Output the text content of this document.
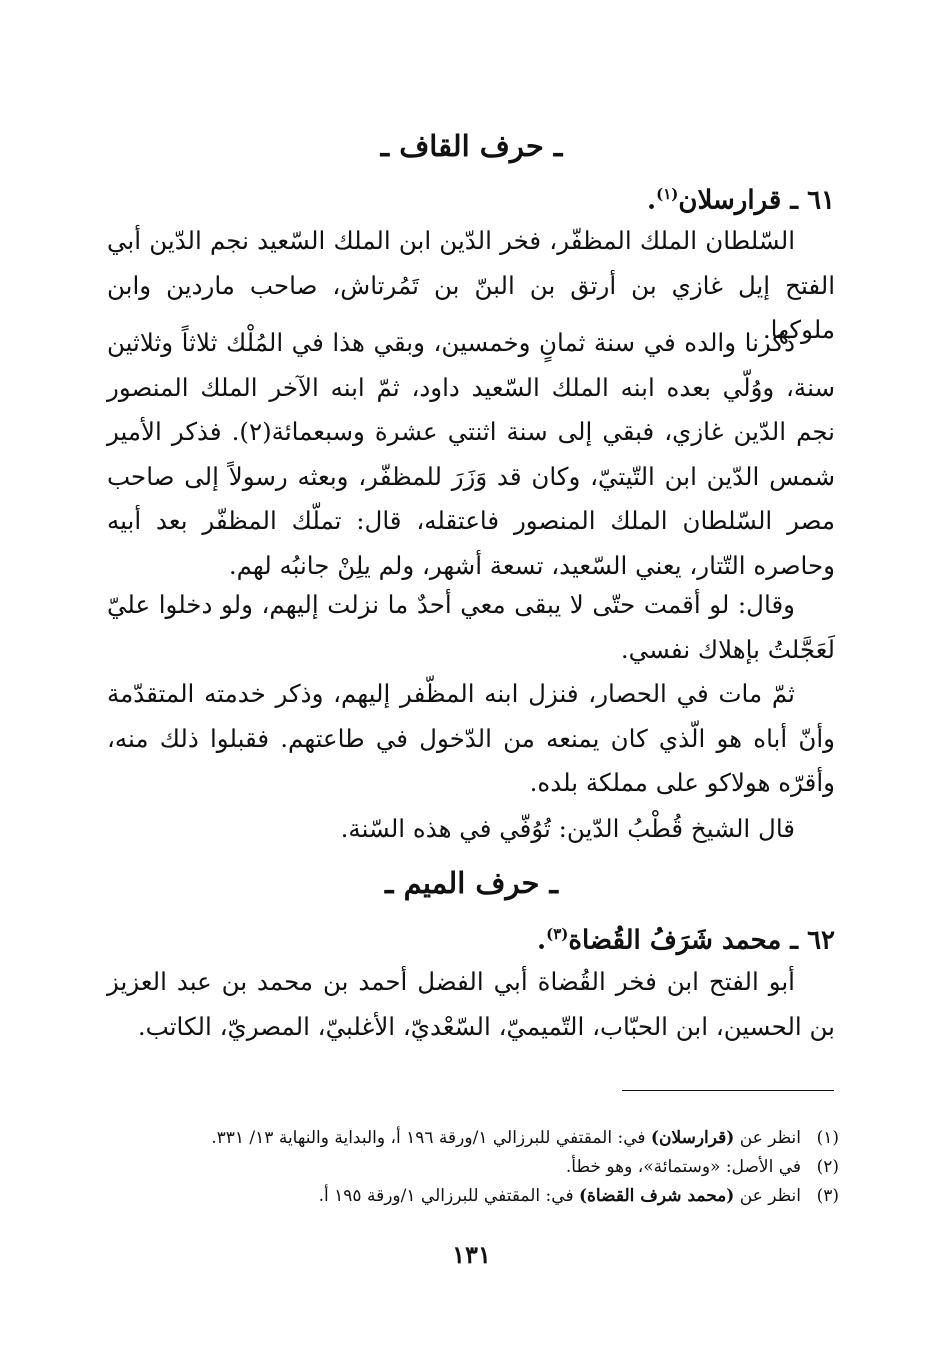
ـ حرف القاف ـ
٦١ ـ قرارسلان$^{(١)}$.

السّلطان الملك المظفّر، فخر الدّين ابن الملك السّعيد نجم الدّين أبي الفتح إيل غازي بن أرتق بن البنّ بن تَمُرتاش، صاحب ماردين وابن ملوكها.

ذكرنا والده في سنة ثمانٍ وخمسين، وبقي هذا في المُلْك ثلاثاً وثلاثين سنة، ووُلّي بعده ابنه الملك السّعيد داود، ثمّ ابنه الآخر الملك المنصور نجم الدّين غازي، فبقي إلى سنة اثنتي عشرة وسبعمائة(٢). فذكر الأمير شمس الدّين ابن التّيتيّ، وكان قد وَزَرَ للمظفّر، وبعثه رسولاً إلى صاحب مصر السّلطان الملك المنصور فاعتقله، قال: تملّك المظفّر بعد أبيه وحاصره التّتار، يعني السّعيد، تسعة أشهر، ولم يلِنْ جانبُه لهم.

وقال: لو أقمت حتّى لا يبقى معي أحدٌ ما نزلت إليهم، ولو دخلوا عليّ لَعَجَّلتُ بإهلاك نفسي.

ثمّ مات في الحصار، فنزل ابنه المظّفر إليهم، وذكر خدمته المتقدّمة وأنّ أباه هو الّذي كان يمنعه من الدّخول في طاعتهم. فقبلوا ذلك منه، وأقرّه هولاكو على مملكة بلده.

قال الشيخ قُطْبُ الدّين: تُوُفّي في هذه السّنة.

ـ حرف الميم ـ
٦٢ ـ محمد شَرَفُ القُضاة$^{(٣)}$.

أبو الفتح ابن فخر القُضاة أبي الفضل أحمد بن محمد بن عبد العزيز بن الحسين، ابن الحبّاب، التّميميّ، السّعْديّ، الأغلبيّ، المصريّ، الكاتب.

(١)
انظر عن (قرارسلان) في: المقتفي للبرزالي ١/ورقة ١٩٦ أ، والبداية والنهاية ١٣/ ٣٣١.
(٢)
في الأصل: «وستمائة»، وهو خطأ.
(٣)
انظر عن (محمد شرف القضاة) في: المقتفي للبرزالي ١/ورقة ١٩٥ أ.
١٣١
